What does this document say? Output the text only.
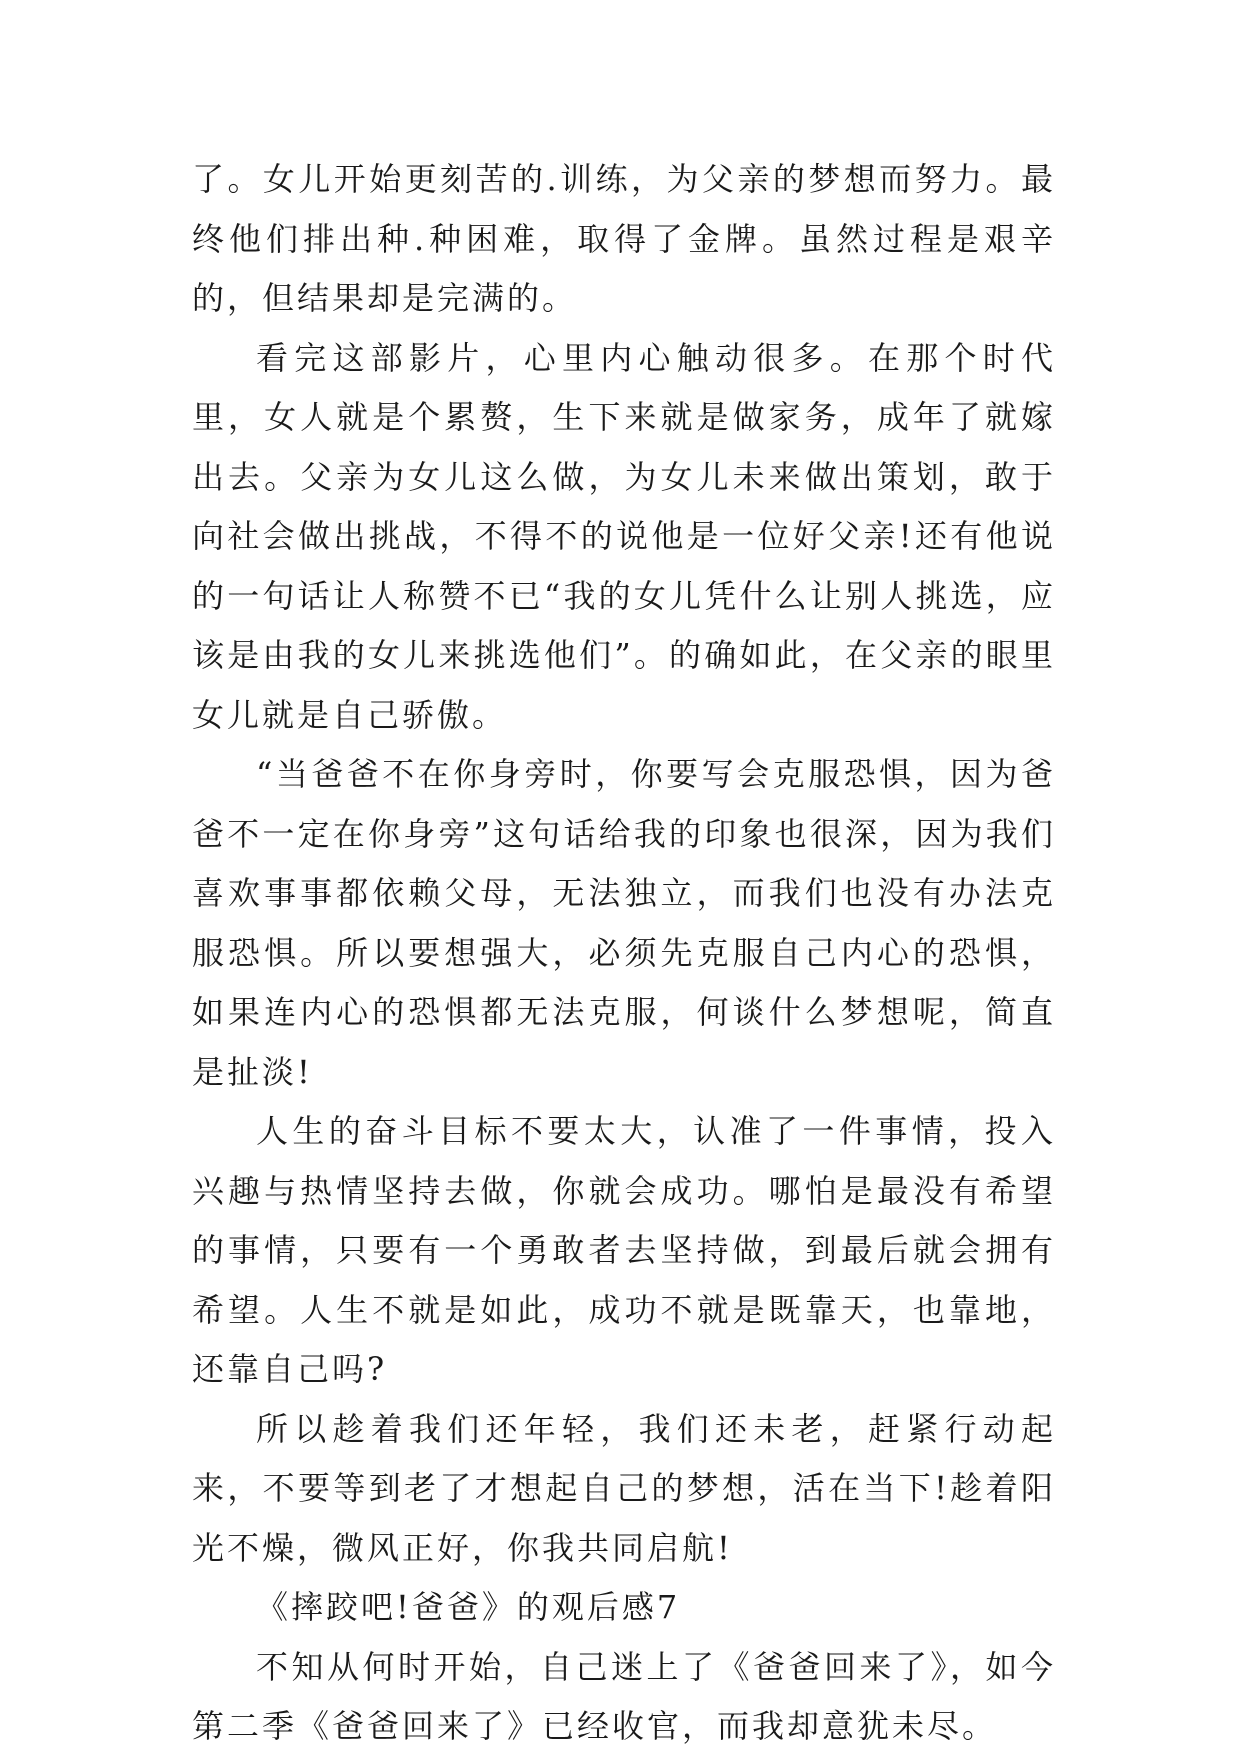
了。女儿开始更刻苦的.训练，为父亲的梦想而努力。最终他们排出种.种困难，取得了金牌。虽然过程是艰辛的，但结果却是完满的。

看完这部影片，心里内心触动很多。在那个时代里，女人就是个累赘，生下来就是做家务，成年了就嫁出去。父亲为女儿这么做，为女儿未来做出策划，敢于向社会做出挑战，不得不的说他是一位好父亲!还有他说的一句话让人称赞不已“我的女儿凭什么让别人挑选，应该是由我的女儿来挑选他们”。的确如此，在父亲的眼里女儿就是自己骄傲。

“当爸爸不在你身旁时，你要写会克服恐惧，因为爸爸不一定在你身旁”这句话给我的印象也很深，因为我们喜欢事事都依赖父母，无法独立，而我们也没有办法克服恐惧。所以要想强大，必须先克服自己内心的恐惧，如果连内心的恐惧都无法克服，何谈什么梦想呢，简直是扯淡!

人生的奋斗目标不要太大，认准了一件事情，投入兴趣与热情坚持去做，你就会成功。哪怕是最没有希望的事情，只要有一个勇敢者去坚持做，到最后就会拥有希望。人生不就是如此，成功不就是既靠天，也靠地，还靠自己吗?

所以趁着我们还年轻，我们还未老，赶紧行动起来，不要等到老了才想起自己的梦想，活在当下!趁着阳光不燥，微风正好，你我共同启航!

《摔跤吧!爸爸》的观后感7

不知从何时开始，自己迷上了《爸爸回来了》，如今第二季《爸爸回来了》已经收官，而我却意犹未尽。
